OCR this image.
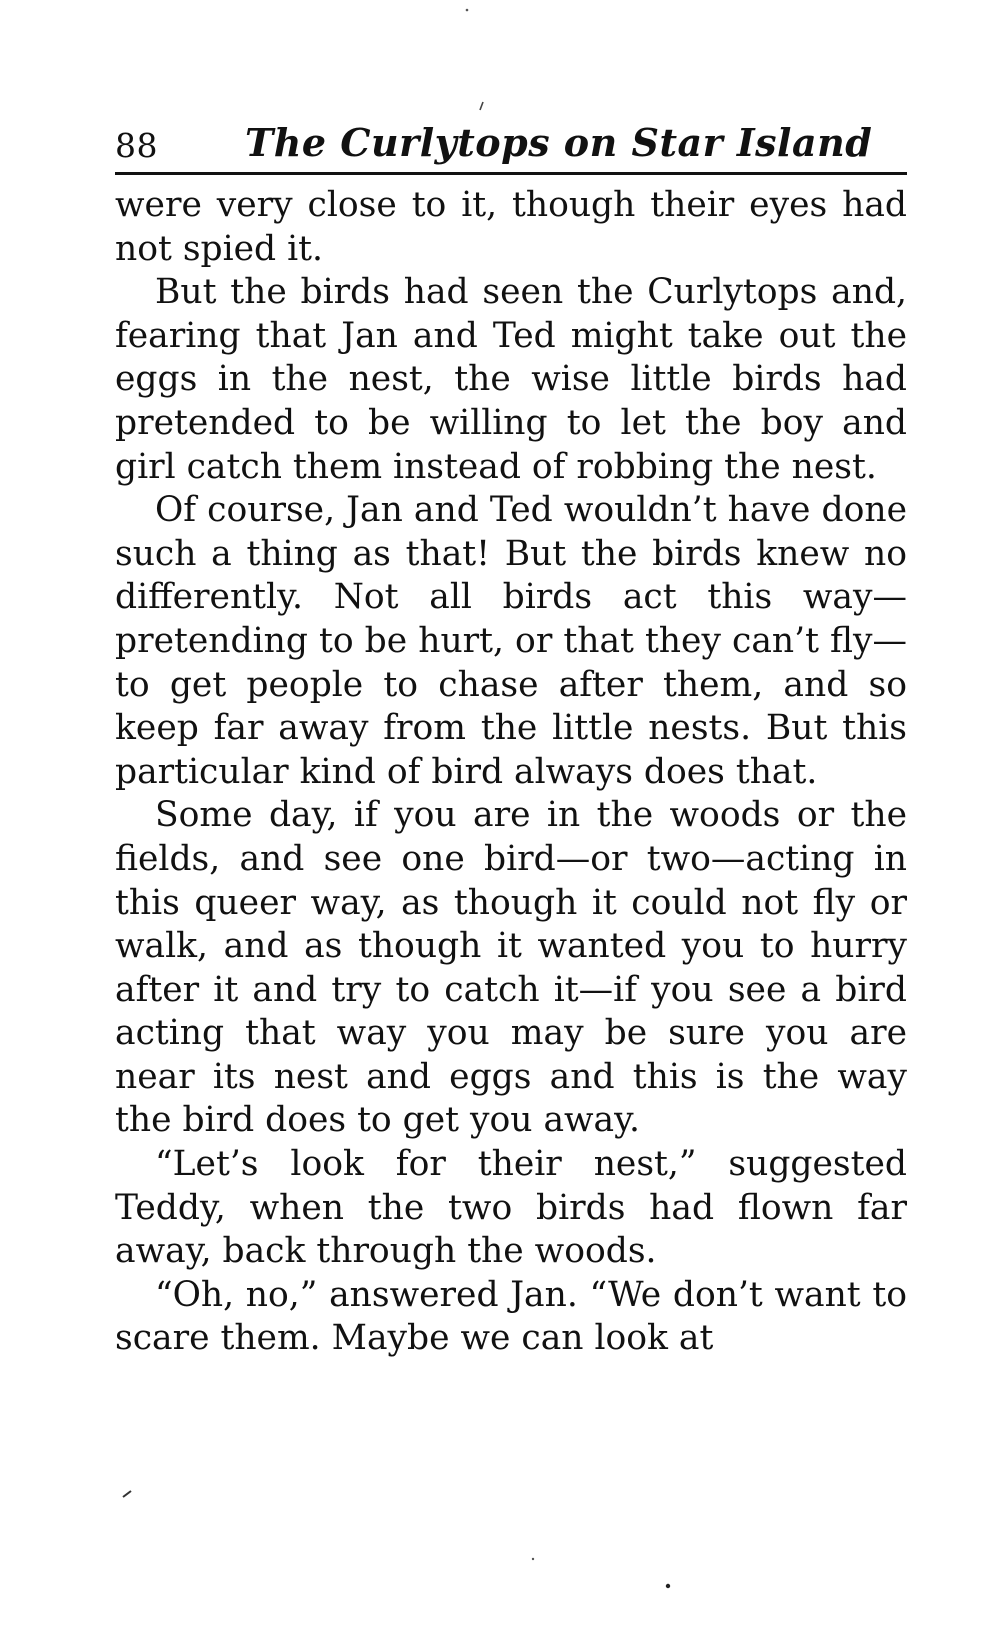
88 The Curlytops on Star Island

were very close to it, though their eyes had not spied it.

But the birds had seen the Curlytops and, fearing that Jan and Ted might take out the eggs in the nest, the wise little birds had pretended to be willing to let the boy and girl catch them instead of robbing the nest.

Of course, Jan and Ted wouldn’t have done such a thing as that! But the birds knew no differently. Not all birds act this way—pretending to be hurt, or that they can’t fly—to get people to chase after them, and so keep far away from the little nests. But this particular kind of bird always does that.

Some day, if you are in the woods or the fields, and see one bird—or two—acting in this queer way, as though it could not fly or walk, and as though it wanted you to hurry after it and try to catch it—if you see a bird acting that way you may be sure you are near its nest and eggs and this is the way the bird does to get you away.

“Let’s look for their nest,” suggested Teddy, when the two birds had flown far away, back through the woods.

“Oh, no,” answered Jan. “We don’t want to scare them. Maybe we can look at
